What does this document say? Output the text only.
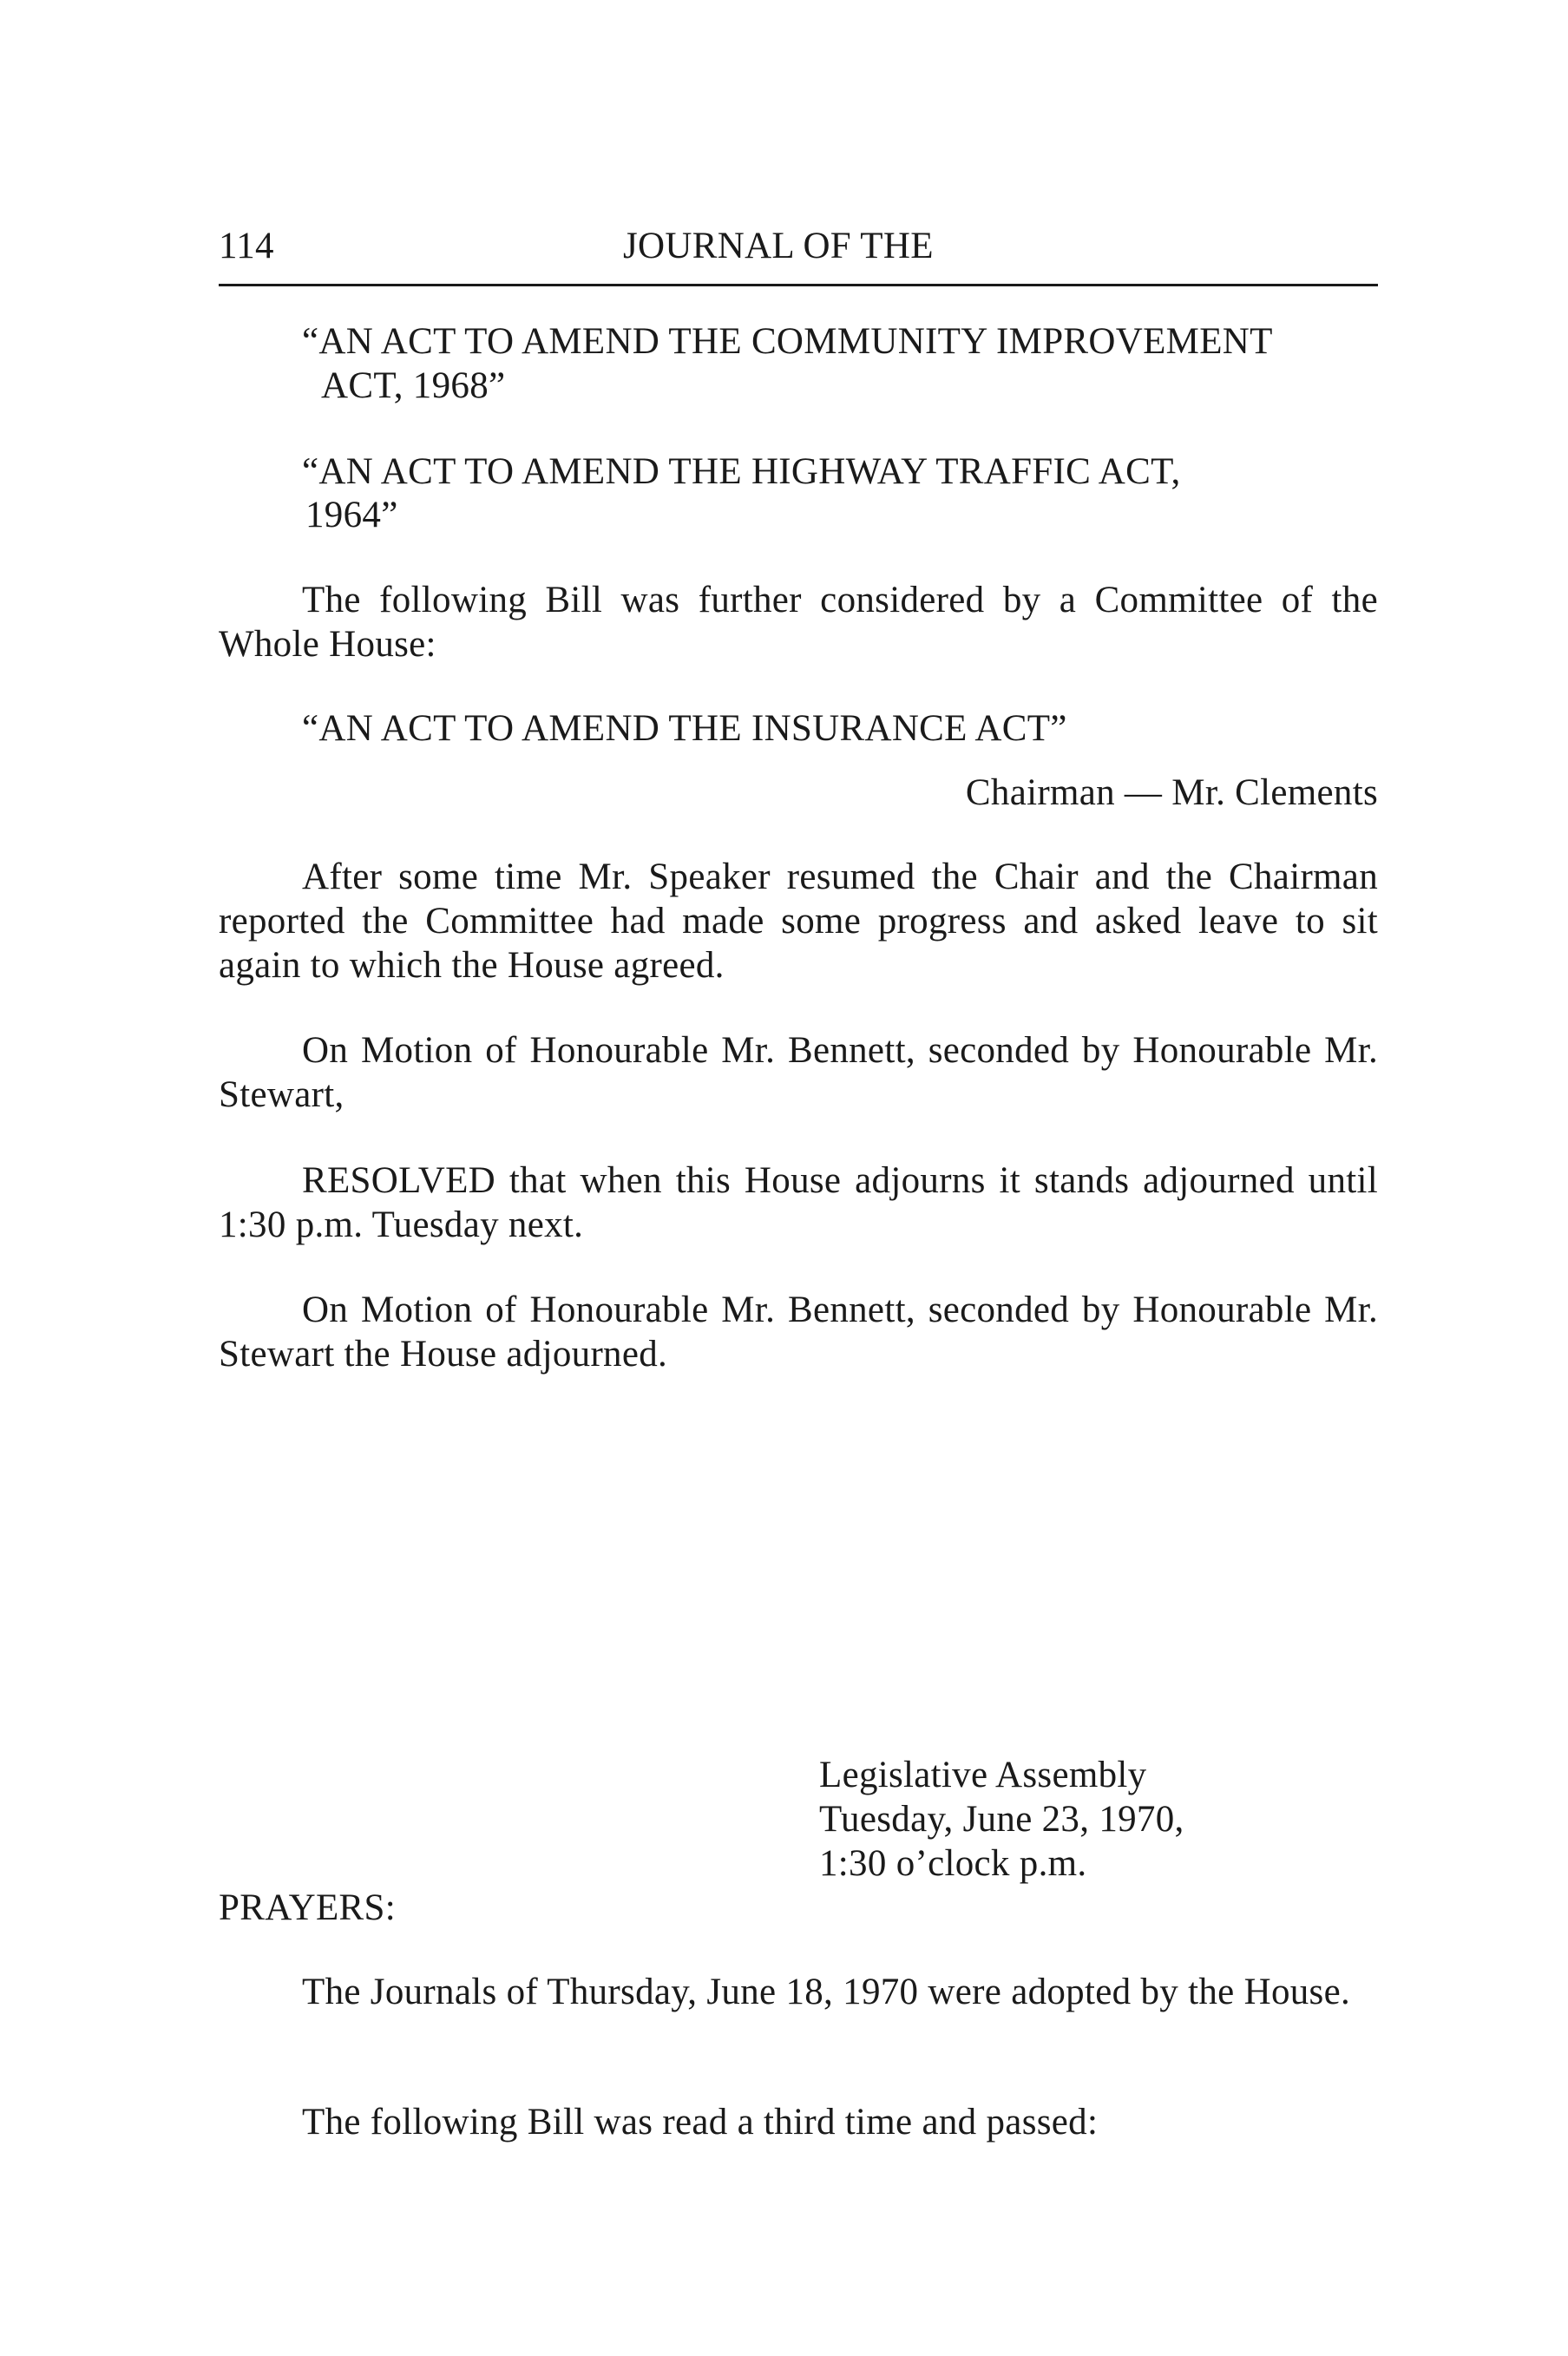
114	JOURNAL OF THE
“AN ACT TO AMEND THE COMMUNITY IMPROVEMENT
ACT, 1968”
“AN ACT TO AMEND THE HIGHWAY TRAFFIC ACT,
1964”
The following Bill was further considered by a Committee of the Whole House:
“AN ACT TO AMEND THE INSURANCE ACT”
Chairman — Mr. Clements
After some time Mr. Speaker resumed the Chair and the Chairman reported the Committee had made some progress and asked leave to sit again to which the House agreed.
On Motion of Honourable Mr. Bennett, seconded by Honourable Mr. Stewart,
RESOLVED that when this House adjourns it stands adjourned until 1:30 p.m. Tuesday next.
On Motion of Honourable Mr. Bennett, seconded by Honourable Mr. Stewart the House adjourned.
Legislative Assembly
Tuesday, June 23, 1970,
1:30 o’clock p.m.
PRAYERS:
The Journals of Thursday, June 18, 1970 were adopted by the House.
The following Bill was read a third time and passed:
